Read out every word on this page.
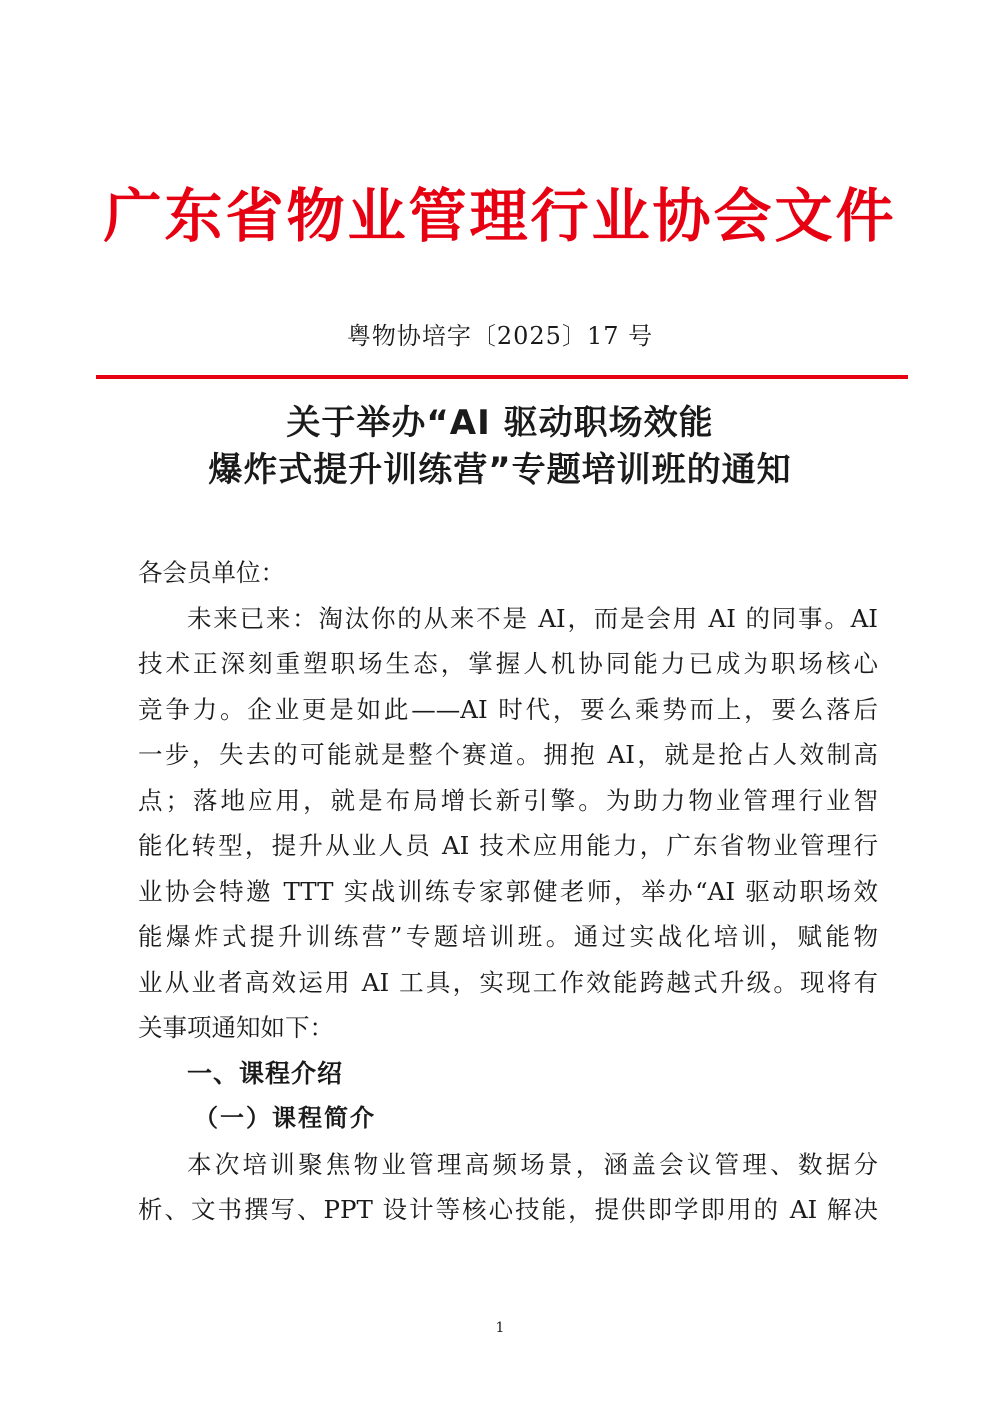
广东省物业管理行业协会文件
粤物协培字〔2025〕17 号
关于举办“AI 驱动职场效能
爆炸式提升训练营”专题培训班的通知
各会员单位：
未来已来：淘汰你的从来不是 AI，而是会用 AI 的同事。AI
技术正深刻重塑职场生态，掌握人机协同能力已成为职场核心
竞争力。企业更是如此——AI 时代，要么乘势而上，要么落后
一步，失去的可能就是整个赛道。拥抱 AI，就是抢占人效制高
点；落地应用，就是布局增长新引擎。为助力物业管理行业智
能化转型，提升从业人员 AI 技术应用能力，广东省物业管理行
业协会特邀 TTT 实战训练专家郭健老师，举办“AI 驱动职场效
能爆炸式提升训练营”专题培训班。通过实战化培训，赋能物
业从业者高效运用 AI 工具，实现工作效能跨越式升级。现将有
关事项通知如下：
一、课程介绍
（一）课程简介
本次培训聚焦物业管理高频场景，涵盖会议管理、数据分
析、文书撰写、PPT 设计等核心技能，提供即学即用的 AI 解决
1
